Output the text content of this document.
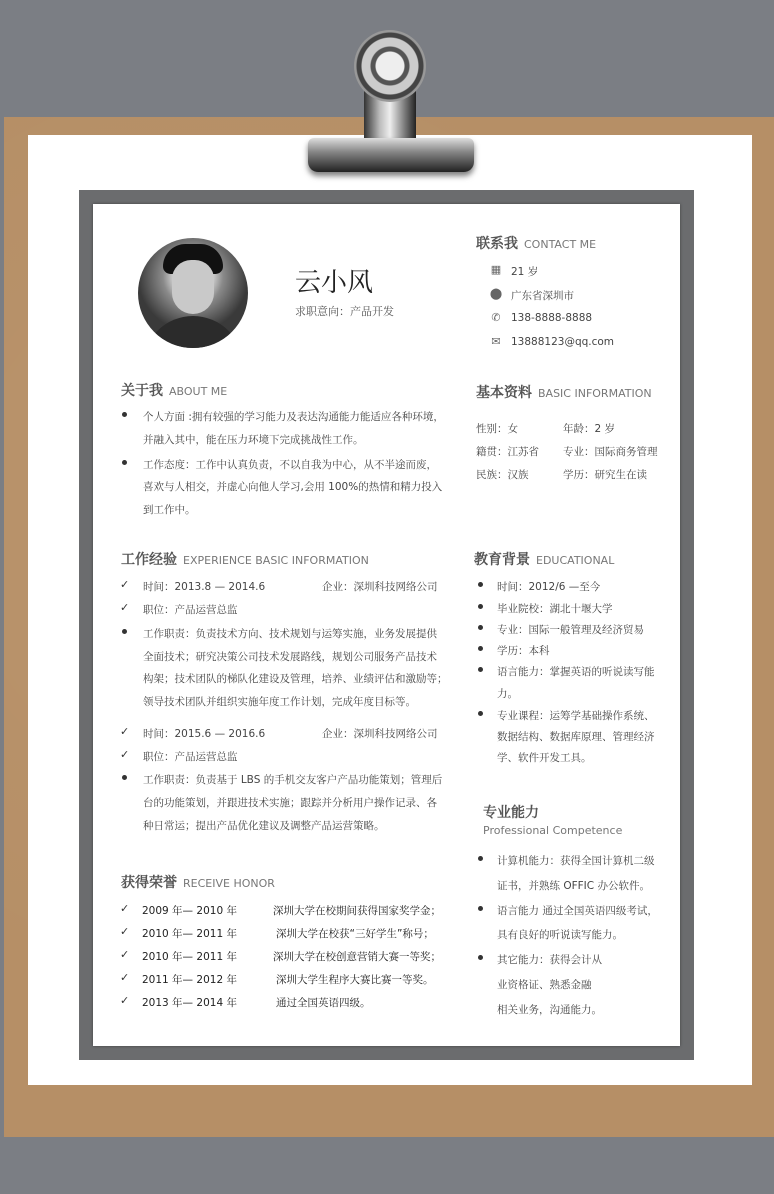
云小风
求职意向：产品开发
联系我 CONTACT ME
▦ 21 岁
⬤ 广东省深圳市
✆ 138-8888-8888
✉ 13888123@qq.com
关于我 ABOUT ME
个人方面 :拥有较强的学习能力及表达沟通能力能适应各种环境，
并融入其中，能在压力环境下完成挑战性工作。
工作态度：工作中认真负责，不以自我为中心，从不半途而废，
喜欢与人相交，并虚心向他人学习,会用 100%的热情和精力投入
到工作中。
基本资料 BASIC INFORMATION
性别：女	年龄：2 岁
籍贯：江苏省 专业：国际商务管理
民族：汉族	学历：研究生在读
工作经验 EXPERIENCE BASIC INFORMATION
✓ 时间：2013.8 — 2014.6	企业：深圳科技网络公司
✓ 职位：产品运营总监
工作职责：负责技术方向、技术规划与运筹实施，业务发展提供
全面技术；研究决策公司技术发展路线，规划公司服务产品技术
构架；技术团队的梯队化建设及管理，培养、业绩评估和激励等；
领导技术团队并组织实施年度工作计划，完成年度目标等。
✓ 时间：2015.6 — 2016.6	企业：深圳科技网络公司
✓ 职位：产品运营总监
工作职责：负责基于 LBS 的手机交友客户产品功能策划；管理后
台的功能策划，并跟进技术实施；跟踪并分析用户操作记录、各
种日常运；提出产品优化建议及调整产品运营策略。
教育背景 EDUCATIONAL
时间：2012/6 —至今
毕业院校：湖北十堰大学
专业：国际一般管理及经济贸易
学历：本科
语言能力：掌握英语的听说读写能
力。
专业课程：运筹学基础操作系统、
数据结构、数据库原理、管理经济
学、软件开发工具。
获得荣誉 RECEIVE HONOR
✓ 2009 年— 2010 年	深圳大学在校期间获得国家奖学金；
✓ 2010 年— 2011 年	深圳大学在校获“三好学生”称号；
✓ 2010 年— 2011 年	深圳大学在校创意营销大赛一等奖；
✓ 2011 年— 2012 年	深圳大学生程序大赛比赛一等奖。
✓ 2013 年— 2014 年	通过全国英语四级。
专业能力
Professional Competence
计算机能力：获得全国计算机二级
证书，并熟练 OFFIC 办公软件。
语言能力 通过全国英语四级考试，
具有良好的听说读写能力。
其它能力：获得会计从
业资格证、熟悉金融
相关业务，沟通能力。
